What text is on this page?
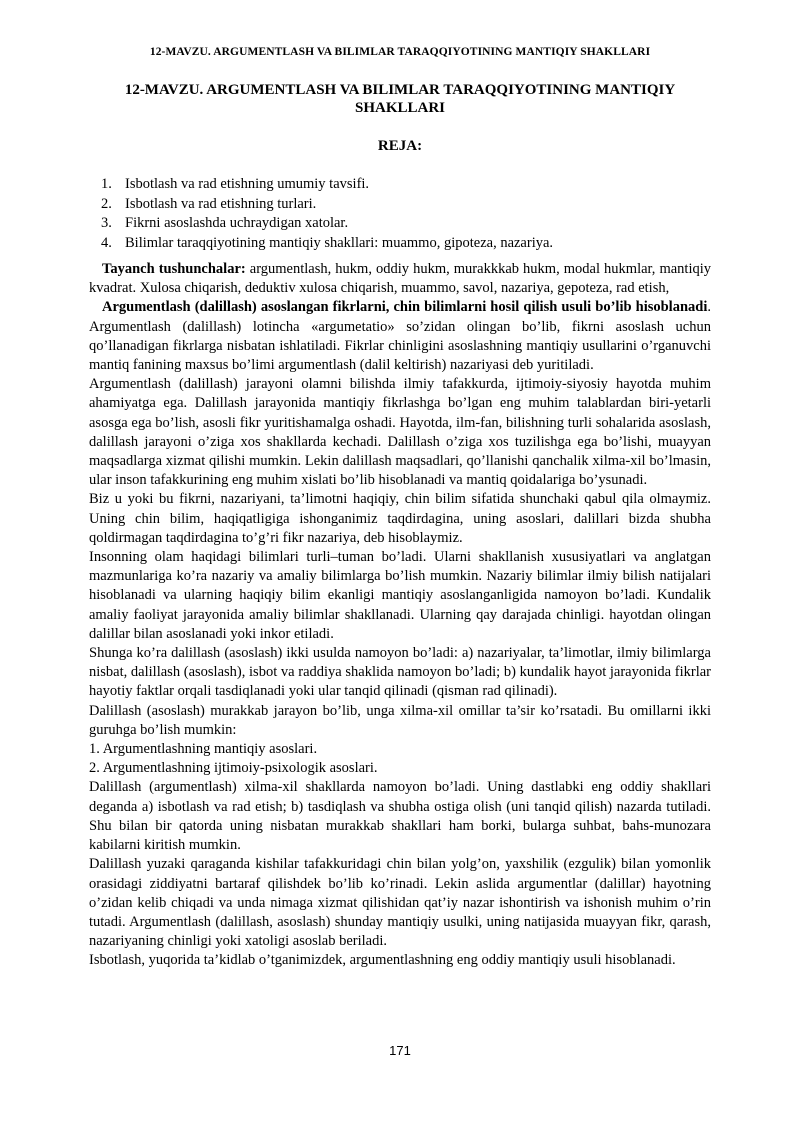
12-MAVZU. ARGUMENTLASH VA BILIMLAR TARAQQIYOTINING MANTIQIY SHAKLLARI
12-MAVZU. ARGUMENTLASH VA BILIMLAR TARAQQIYOTINING MANTIQIY SHAKLLARI
REJA:
1. Isbotlash va rad etishning umumiy tavsifi.
2. Isbotlash va rad etishning turlari.
3. Fikrni asoslashda uchraydigan xatolar.
4. Bilimlar taraqqiyotining mantiqiy shakllari: muammo, gipoteza, nazariya.

Tayanch tushunchalar: argumentlash, hukm, oddiy hukm, murakkkab hukm, modal hukmlar, mantiqiy kvadrat. Xulosa chiqarish, deduktiv xulosa chiqarish, muammo, savol, nazariya, gepoteza, rad etish,

Argumentlash (dalillash) asoslangan fikrlarni, chin bilimlarni hosil qilish usuli bo’lib hisoblanadi. Argumentlash (dalillash) lotincha «argumetatio» so’zidan olingan bo’lib, fikrni asoslash uchun qo’llanadigan fikrlarga nisbatan ishlatiladi. Fikrlar chinligini asoslashning mantiqiy usullarini o’rganuvchi mantiq fanining maxsus bo’limi argumentlash (dalil keltirish) nazariyasi deb yuritiladi.

Argumentlash (dalillash) jarayoni olamni bilishda ilmiy tafakkurda, ijtimoiy-siyosiy hayotda muhim ahamiyatga ega. Dalillash jarayonida mantiqiy fikrlashga bo’lgan eng muhim talablardan biri-yetarli asosga ega bo’lish, asosli fikr yuritishamalga oshadi. Hayotda, ilm-fan, bilishning turli sohalarida asoslash, dalillash jarayoni o’ziga xos shakllarda kechadi. Dalillash o’ziga xos tuzilishga ega bo’lishi, muayyan maqsadlarga xizmat qilishi mumkin. Lekin dalillash maqsadlari, qo’llanishi qanchalik xilma-xil bo’lmasin, ular inson tafakkurining eng muhim xislati bo’lib hisoblanadi va mantiq qoidalariga bo’ysunadi.

Biz u yoki bu fikrni, nazariyani, ta’limotni haqiqiy, chin bilim sifatida shunchaki qabul qila olmaymiz. Uning chin bilim, haqiqatligiga ishonganimiz taqdirdagina, uning asoslari, dalillari bizda shubha qoldirmagan taqdirdagina to’g’ri fikr nazariya, deb hisoblaymiz.

Insonning olam haqidagi bilimlari turli–tuman bo’ladi. Ularni shakllanish xususiyatlari va anglatgan mazmunlariga ko’ra nazariy va amaliy bilimlarga bo’lish mumkin. Nazariy bilimlar ilmiy bilish natijalari hisoblanadi va ularning haqiqiy bilim ekanligi mantiqiy asoslanganligida namoyon bo’ladi. Kundalik amaliy faoliyat jarayonida amaliy bilimlar shakllanadi. Ularning qay darajada chinligi. hayotdan olingan dalillar bilan asoslanadi yoki inkor etiladi.

Shunga ko’ra dalillash (asoslash) ikki usulda namoyon bo’ladi: a) nazariyalar, ta’limotlar, ilmiy bilimlarga nisbat, dalillash (asoslash), isbot va raddiya shaklida namoyon bo’ladi; b) kundalik hayot jarayonida fikrlar hayotiy faktlar orqali tasdiqlanadi yoki ular tanqid qilinadi (qisman rad qilinadi).

Dalillash (asoslash) murakkab jarayon bo’lib, unga xilma-xil omillar ta’sir ko’rsatadi. Bu omillarni ikki guruhga bo’lish mumkin:

1. Argumentlashning mantiqiy asoslari.

2. Argumentlashning ijtimoiy-psixologik asoslari.

Dalillash (argumentlash) xilma-xil shakllarda namoyon bo’ladi. Uning dastlabki eng oddiy shakllari deganda a) isbotlash va rad etish; b) tasdiqlash va shubha ostiga olish (uni tanqid qilish) nazarda tutiladi. Shu bilan bir qatorda uning nisbatan murakkab shakllari ham borki, bularga suhbat, bahs-munozara kabilarni kiritish mumkin.

Dalillash yuzaki qaraganda kishilar tafakkuridagi chin bilan yolg’on, yaxshilik (ezgulik) bilan yomonlik orasidagi ziddiyatni bartaraf qilishdek bo’lib ko’rinadi. Lekin aslida argumentlar (dalillar) hayotning o’zidan kelib chiqadi va unda nimaga xizmat qilishidan qat’iy nazar ishontirish va ishonish muhim o’rin tutadi. Argumentlash (dalillash, asoslash) shunday mantiqiy usulki, uning natijasida muayyan fikr, qarash, nazariyaning chinligi yoki xatoligi asoslab beriladi.

Isbotlash, yuqorida ta’kidlab o’tganimizdek, argumentlashning eng oddiy mantiqiy usuli hisoblanadi.

171
